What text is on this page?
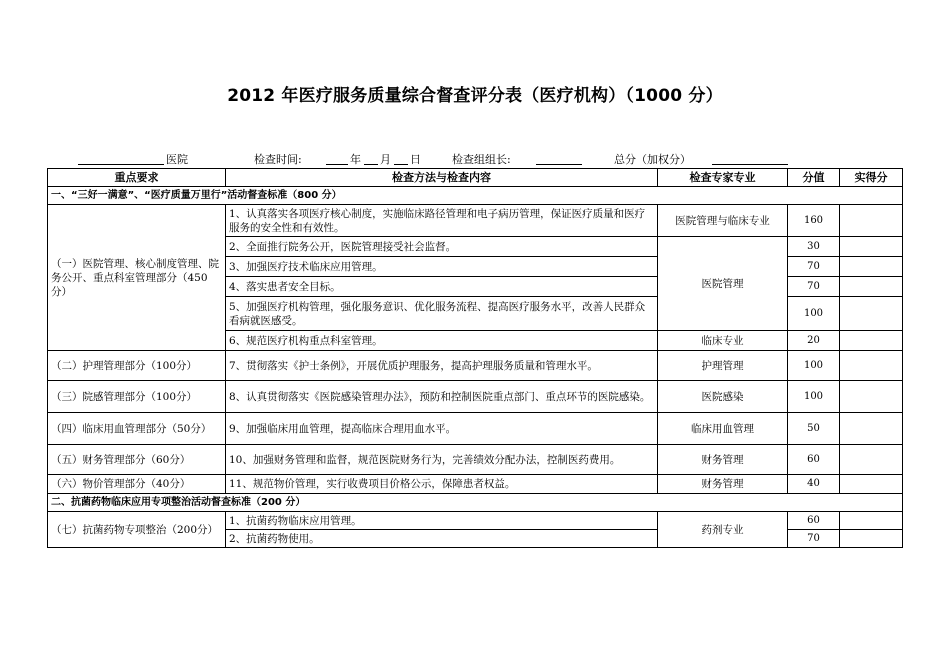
2012 年医疗服务质量综合督查评分表（医疗机构）（1000 分）
医院	检查时间:	年 月 日	检查组组长:	总分（加权分）
重点要求	检查方法与检查内容	检查专家专业	分值	实得分
一、“三好一满意”、“医疗质量万里行”活动督查标准（800 分）				
（一）医院管理、核心制度管理、院务公开、重点科室管理部分（450分）	1、认真落实各项医疗核心制度，实施临床路径管理和电子病历管理，保证医疗质量和医疗服务的安全性和有效性。	医院管理与临床专业	160	
	2、全面推行院务公开，医院管理接受社会监督。	医院管理	30	
	3、加强医疗技术临床应用管理。		70	
	4、落实患者安全目标。		70	
	5、加强医疗机构管理，强化服务意识、优化服务流程、提高医疗服务水平，改善人民群众看病就医感受。		100	
	6、规范医疗机构重点科室管理。	临床专业	20	
（二）护理管理部分（100分）	7、贯彻落实《护士条例》，开展优质护理服务，提高护理服务质量和管理水平。	护理管理	100	
（三）院感管理部分（100分）	8、认真贯彻落实《医院感染管理办法》，预防和控制医院重点部门、重点环节的医院感染。	医院感染	100	
（四）临床用血管理部分（50分）	9、加强临床用血管理，提高临床合理用血水平。	临床用血管理	50	
（五）财务管理部分（60分）	10、加强财务管理和监督，规范医院财务行为，完善绩效分配办法，控制医药费用。	财务管理	60	
（六）物价管理部分（40分）	11、规范物价管理，实行收费项目价格公示，保障患者权益。	财务管理	40	
二、抗菌药物临床应用专项整治活动督查标准（200 分）				
（七）抗菌药物专项整治（200分）	1、抗菌药物临床应用管理。	药剂专业	60	
	2、抗菌药物使用。		70	
